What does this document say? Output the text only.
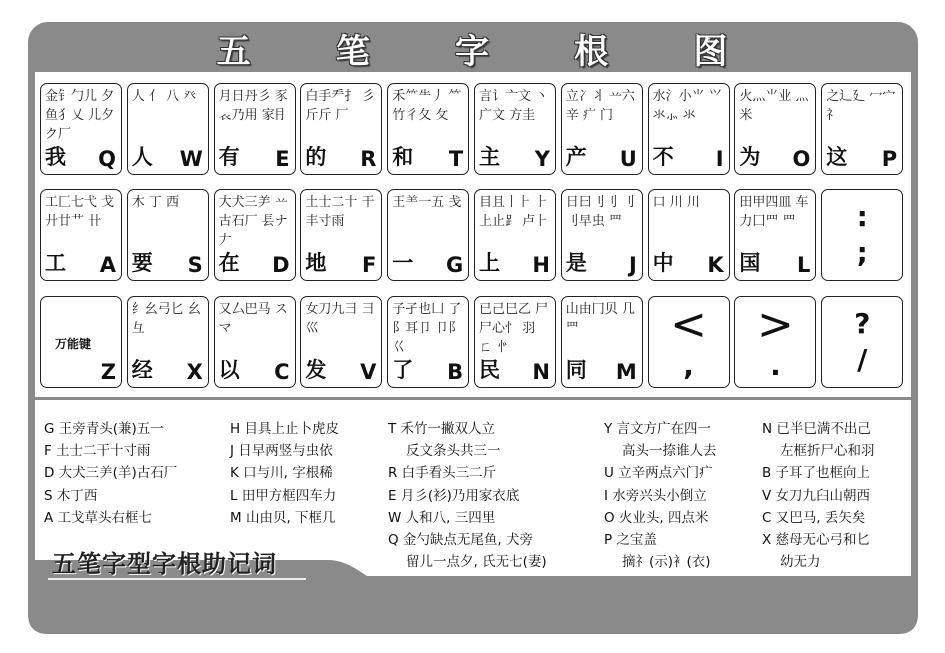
五	笔	字	根	图
金钅勹儿 夕鱼犭乂 儿夕ク厂
我 Q
人 亻 八 癶
人 W
月日丹彡 豕𧘇乃用 家⺝
有 E
白手龵扌 彡斤斤 厂
的 R
禾⺮⺧丿 ⺮竹彳夂 攵
和 T
言讠亠文 丶广文 方圭
主 Y
立冫丬 䒑六辛 疒 门
产 U
水氵小⺌ ⺍氺⺗ 氺
不 I
火灬⺌业 灬 米
为 O
之辶廴 冖宀礻
这 P
工匚七弋 戈廾廿艹 卄
工 A
木 丁 西
要 S
大犬三⺶ 䒑古石厂 镸ナ𠂇
在 D
土士二十 干丰寸雨
地 F
王⺷一五 戋
一 G
目且丨⺊ ⺊上止⻊ 卢⺊
上 H
日曰刂刂 刂刂早虫 罒
是 J
口 川 川
中 K
田甲四皿 车力囗罒 罒
国 L
:
;
万能键
Z
纟幺弓匕 幺彑
经 X
又厶巴马 ス マ
以 C
女刀九彐 ⺕巛
发 V
子孑也凵 了阝耳卩 卩阝巜
了 B
已己巳乙 尸尸心忄 羽 ㄈ 㣺
民 N
山由冂贝 几罒
同 M
<
,
>
.
?
/
五笔字型字根助记词
G 王旁青头(兼)五一
F 土士二干十寸雨
D 大犬三⺶(羊)古石厂
S 木丁西
A 工戈草头右框七
H 目具上止卜虎皮
J 日早两竖与虫依
K 口与川, 字根稀
L 田甲方框四车力
M 山由贝, 下框几
T 禾竹一撇双人立
反文条头共三一
R 白手看头三二斤
E 月彡(衫)乃用家衣底
W 人和八, 三四里
Q 金勺缺点无尾鱼, 犬旁
留儿一点夕, 氏无七(妻)
Y 言文方广在四一
高头一捺谁人去
U 立辛两点六门疒
I 水旁兴头小倒立
O 火业头, 四点米
P 之宝盖
摘礻(示)衤(衣)
N 已半巳满不出己
左框折尸心和羽
B 子耳了也框向上
V 女刀九臼山朝西
C 又巴马, 丢矢矣
X 慈母无心弓和匕
幼无力
